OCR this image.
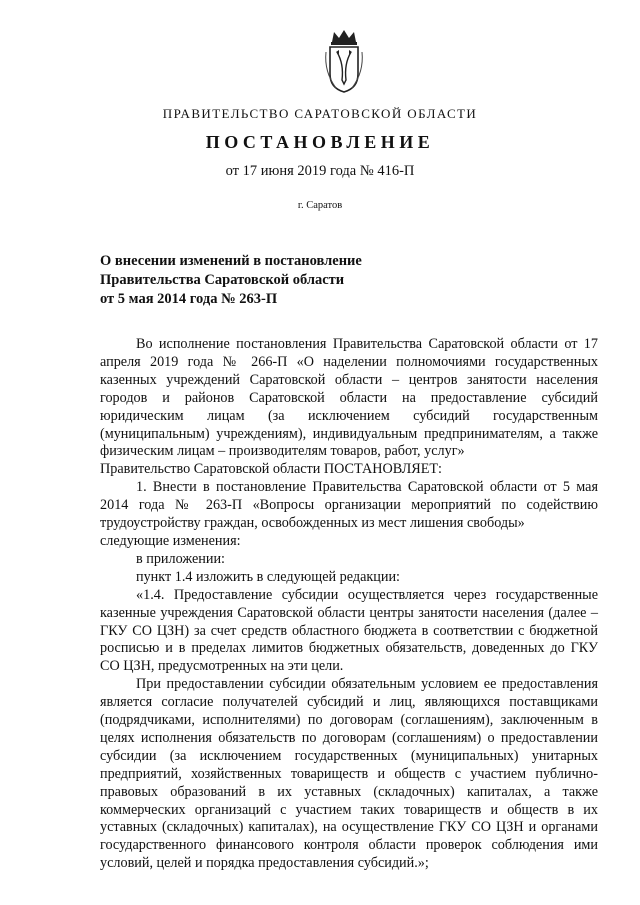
ПРАВИТЕЛЬСТВО САРАТОВСКОЙ ОБЛАСТИ
ПОСТАНОВЛЕНИЕ
от 17 июня 2019 года № 416-П
г. Саратов
О внесении изменений в постановление
Правительства Саратовской области
от 5 мая 2014 года № 263-П

Во исполнение постановления Правительства Саратовской области от 17 апреля 2019 года № 266-П «О наделении полномочиями государственных казенных учреждений Саратовской области – центров занятости населения городов и районов Саратовской области на предоставление субсидий юридическим лицам (за исключением субсидий государственным (муниципальным) учреждениям), индивидуальным предпринимателям, а также физическим лицам – производителям товаров, работ, услуг»

Правительство Саратовской области ПОСТАНОВЛЯЕТ:

1. Внести в постановление Правительства Саратовской области от 5 мая 2014 года № 263-П «Вопросы организации мероприятий по содействию трудоустройству граждан, освобожденных из мест лишения свободы»

следующие изменения:

в приложении:

пункт 1.4 изложить в следующей редакции:

«1.4. Предоставление субсидии осуществляется через государственные казенные учреждения Саратовской области центры занятости населения (далее – ГКУ СО ЦЗН) за счет средств областного бюджета в соответствии с бюджетной росписью и в пределах лимитов бюджетных обязательств, доведенных до ГКУ СО ЦЗН, предусмотренных на эти цели.

При предоставлении субсидии обязательным условием ее предоставления является согласие получателей субсидий и лиц, являющихся поставщиками (подрядчиками, исполнителями) по договорам (соглашениям), заключенным в целях исполнения обязательств по договорам (соглашениям) о предоставлении субсидии (за исключением государственных (муниципальных) унитарных предприятий, хозяйственных товариществ и обществ с участием публично-правовых образований в их уставных (складочных) капиталах, а также коммерческих организаций с участием таких товариществ и обществ в их уставных (складочных) капиталах), на осуществление ГКУ СО ЦЗН и органами государственного финансового контроля области проверок соблюдения ими условий, целей и порядка предоставления субсидий.»;
